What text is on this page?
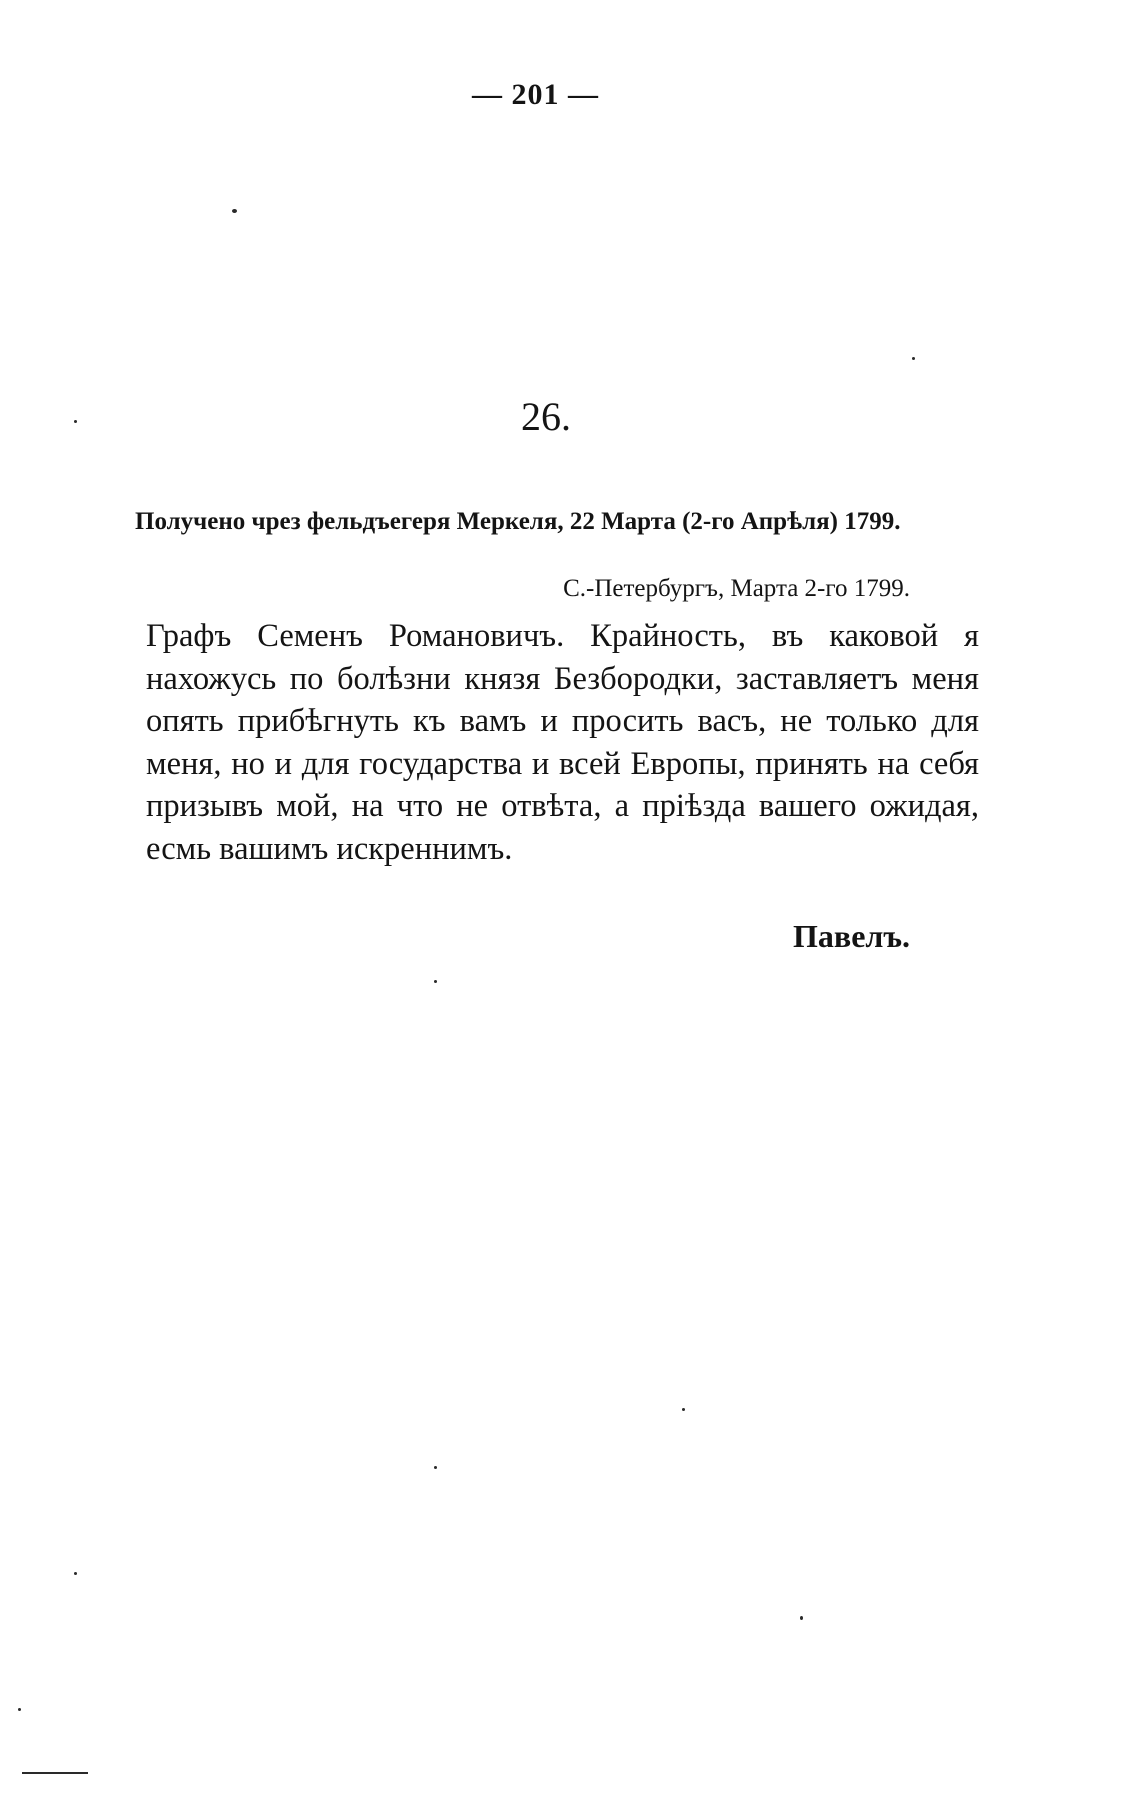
— 201 —
26.
Получено чрез фельдъегеря Меркеля, 22 Марта (2-го Апрѣля) 1799.
С.-Петербургъ, Марта 2-го 1799.

Графъ Семенъ Романовичъ. Крайность, въ каковой я нахожусь по болѣзни князя Безбородки, заставляетъ меня опять прибѣгнуть къ вамъ и просить васъ, не только для меня, но и для государства и всей Европы, принять на себя призывъ мой, на что не отвѣта, а прiѣзда вашего ожидая, есмь вашимъ искреннимъ.

Павелъ.
